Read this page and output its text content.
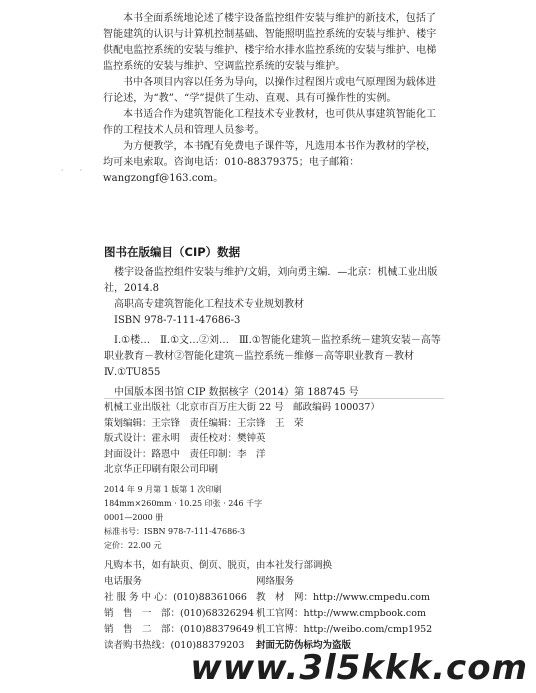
本书全面系统地论述了楼宇设备监控组件安装与维护的新技术，包括了智能建筑的认识与计算机控制基础、智能照明监控系统的安装与维护、楼宇供配电监控系统的安装与维护、楼宇给水排水监控系统的安装与维护、电梯监控系统的安装与维护、空调监控系统的安装与维护。

书中各项目内容以任务为导向，以操作过程图片或电气原理图为载体进行论述，为“教”、“学”提供了生动、直观、具有可操作性的实例。

本书适合作为建筑智能化工程技术专业教材，也可供从事建筑智能化工作的工程技术人员和管理人员参考。

为方便教学，本书配有免费电子课件等，凡选用本书作为教材的学校，均可来电索取。咨询电话：010-88379375；电子邮箱：wangzongf@163.com。

·　·
图书在版编目（CIP）数据

楼宇设备监控组件安装与维护/文娟，刘向勇主编．—北京：机械工业出版社，2014.8

高职高专建筑智能化工程技术专业规划教材

ISBN 978-7-111-47686-3

Ⅰ.①楼…　Ⅱ.①文…②刘…　Ⅲ.①智能化建筑－监控系统－建筑安装－高等职业教育－教材②智能化建筑－监控系统－维修－高等职业教育－教材　Ⅳ.①TU855

中国版本图书馆 CIP 数据核字（2014）第 188745 号

机械工业出版社（北京市百万庄大街 22 号　邮政编码 100037）

策划编辑：王宗锋　责任编辑：王宗锋　王　荣

版式设计：霍永明　责任校对：樊钟英

封面设计：路恩中　责任印制：李　洋

北京华正印刷有限公司印刷

2014 年 9 月第 1 版第 1 次印刷

184mm×260mm · 10.25 印张 · 246 千字

0001—2000 册

标准书号：ISBN 978-7-111-47686-3

定价：22.00 元

凡购本书，如有缺页、倒页、脱页，由本社发行部调换

电话服务	网络服务
社 服 务 中 心：(010)88361066 教　材　网：http://www.cmpedu.com
销　售　一　部：(010)68326294 机工官网：http://www.cmpbook.com
销　售　二　部：(010)88379649 机工官博：http://weibo.com/cmp1952
读者购书热线：(010)88379203	封面无防伪标均为盗版
www.3l5kkk.com
